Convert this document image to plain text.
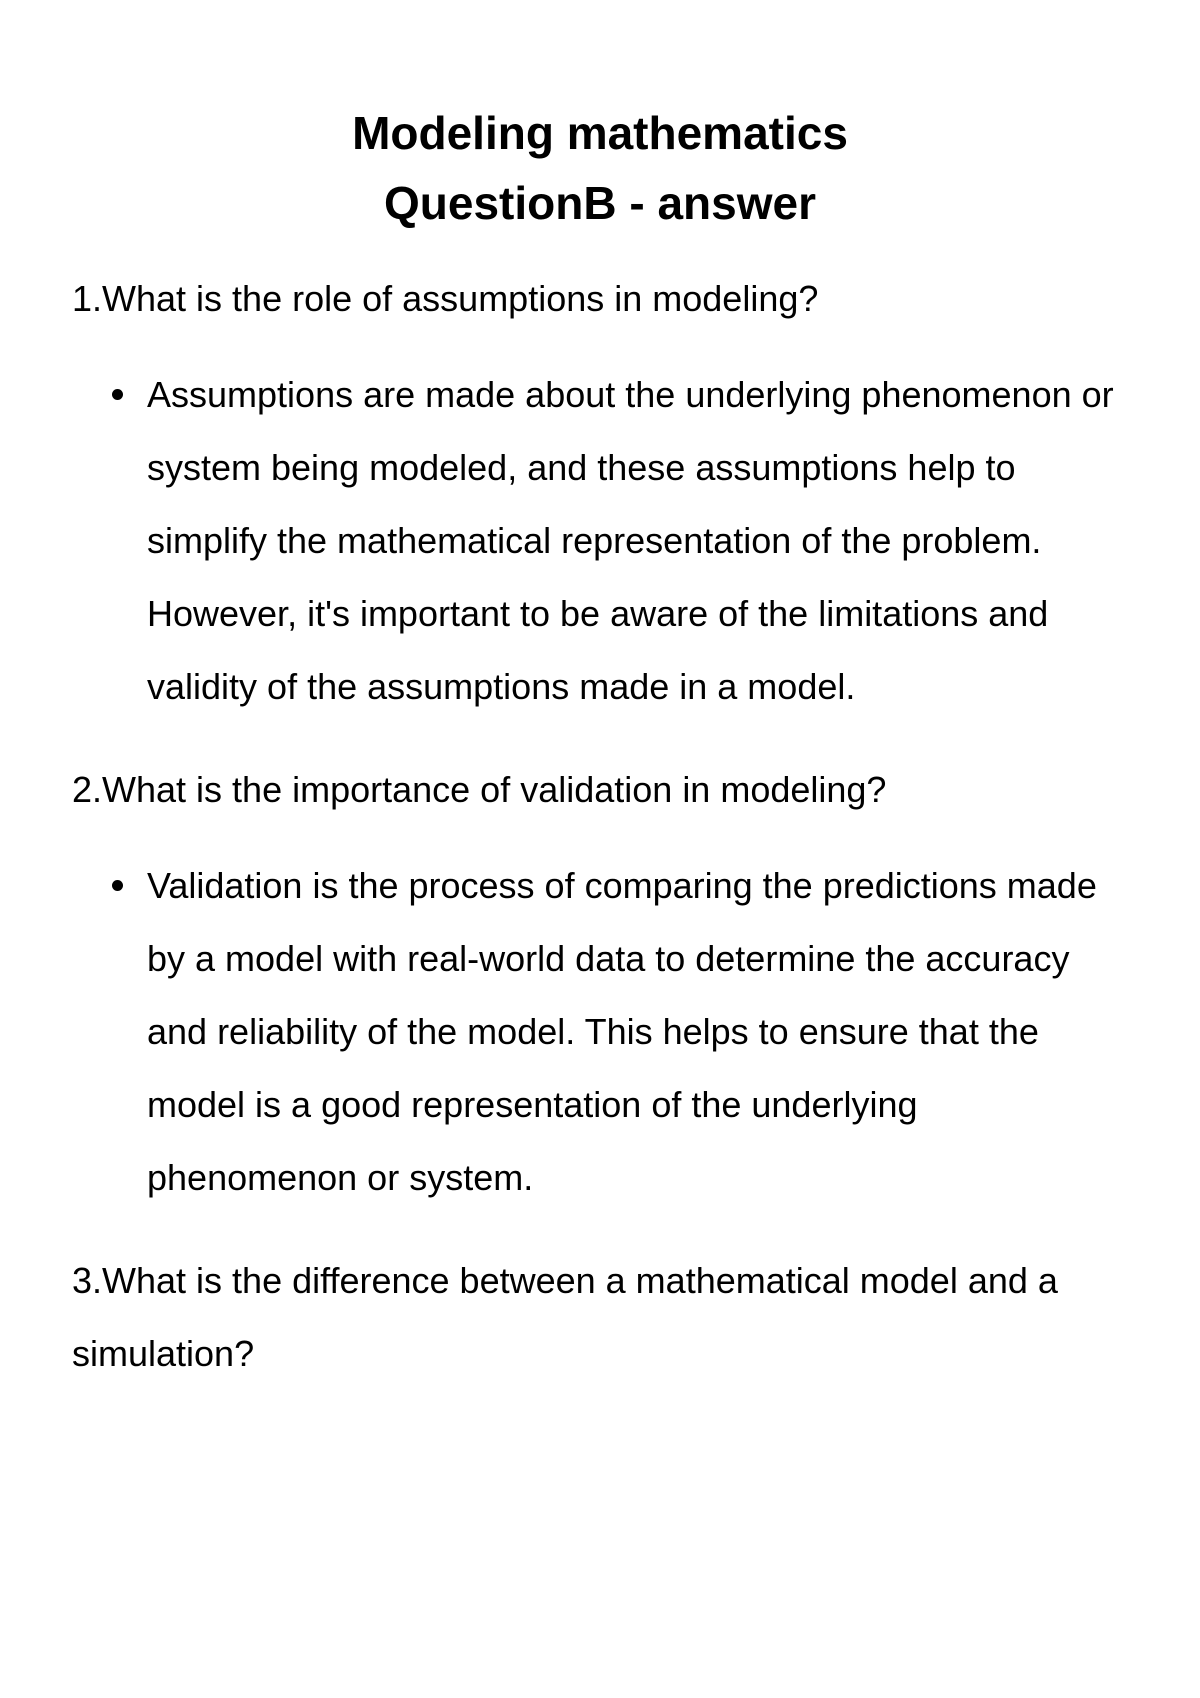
Modeling mathematics
QuestionB - answer

1.What is the role of assumptions in modeling?

Assumptions are made about the underlying phenomenon or system being modeled, and these assumptions help to simplify the mathematical representation of the problem. However, it's important to be aware of the limitations and validity of the assumptions made in a model.

2.What is the importance of validation in modeling?

Validation is the process of comparing the predictions made by a model with real-world data to determine the accuracy and reliability of the model. This helps to ensure that the model is a good representation of the underlying phenomenon or system.

3.What is the difference between a mathematical model and a simulation?
